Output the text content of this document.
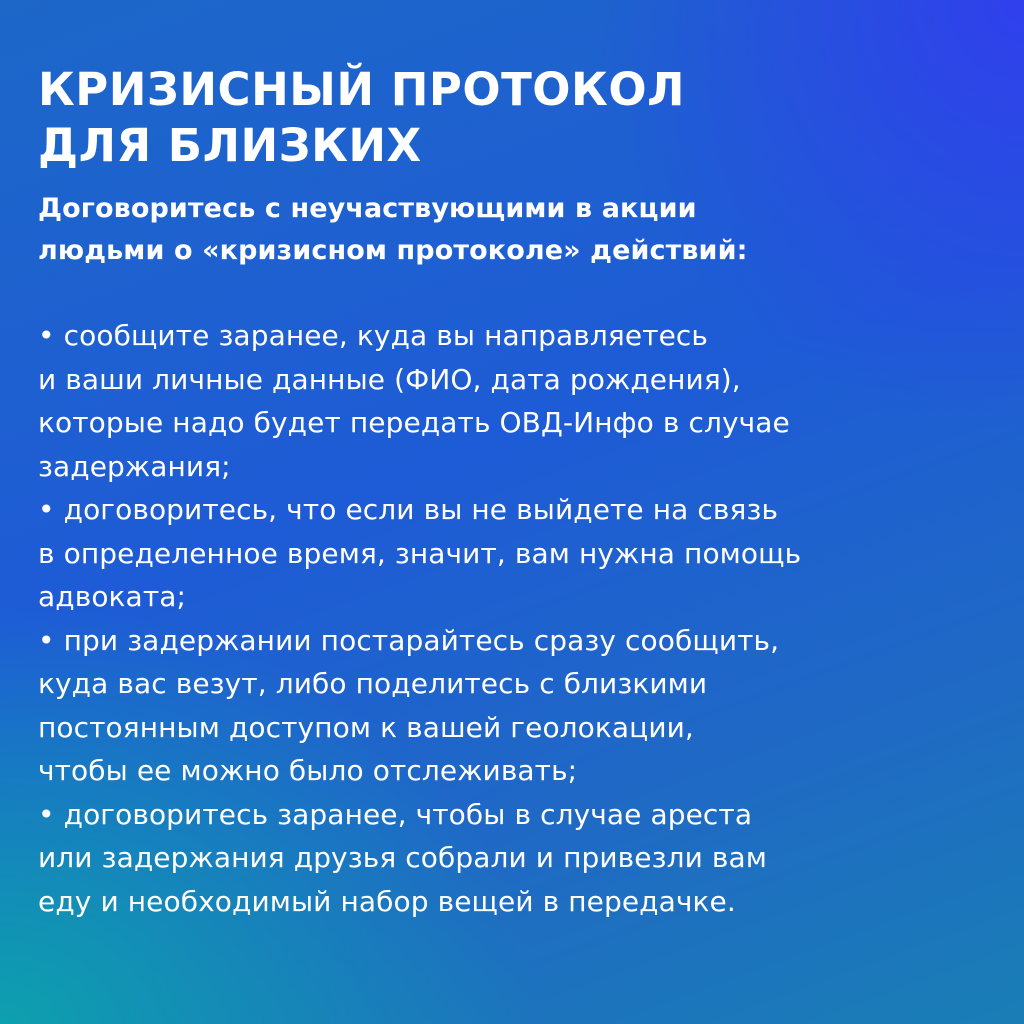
КРИЗИСНЫЙ ПРОТОКОЛ
ДЛЯ БЛИЗКИХ
Договоритесь с неучаствующими в акции
людьми о «кризисном протоколе» действий:
• сообщите заранее, куда вы направляетесь
и ваши личные данные (ФИО, дата рождения),
которые надо будет передать ОВД-Инфо в случае
задержания;
• договоритесь, что если вы не выйдете на связь
в определенное время, значит, вам нужна помощь
адвоката;
• при задержании постарайтесь сразу сообщить,
куда вас везут, либо поделитесь с близкими
постоянным доступом к вашей геолокации,
чтобы ее можно было отслеживать;
• договоритесь заранее, чтобы в случае ареста
или задержания друзья собрали и привезли вам
еду и необходимый набор вещей в передачке.
